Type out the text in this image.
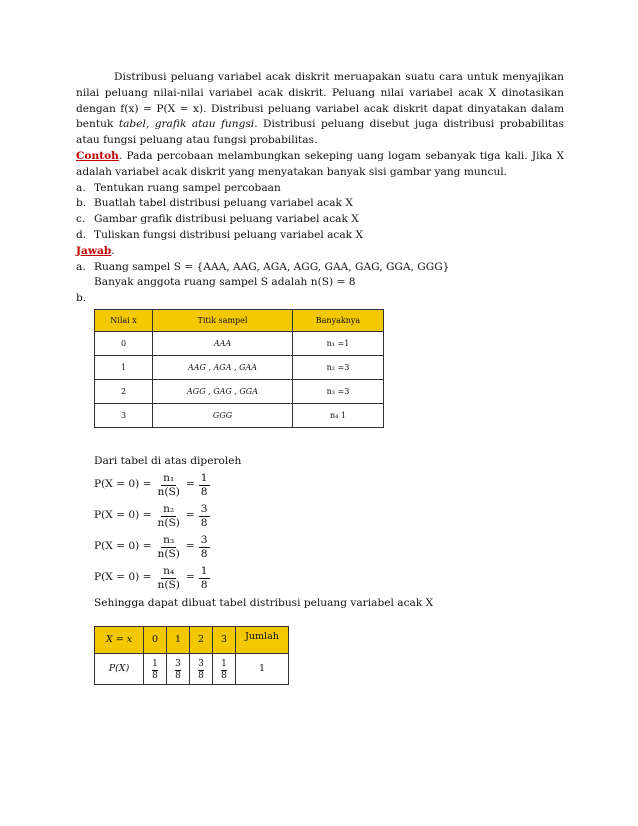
Distribusi peluang variabel acak diskrit meruapakan suatu cara untuk menyajikan nilai peluang nilai-nilai variabel acak diskrit. Peluang nilai variabel acak X dinotasikan dengan f(x) = P(X = x). Distribusi peluang variabel acak diskrit dapat dinyatakan dalam bentuk tabel, grafik atau fungsi. Distribusi peluang disebut juga distribusi probabilitas atau fungsi peluang atau fungsi probabilitas.
Contoh. Pada percobaan melambungkan sekeping uang logam sebanyak tiga kali. Jika X adalah variabel acak diskrit yang menyatakan banyak sisi gambar yang muncul.
a. Tentukan ruang sampel percobaan
b. Buatlah tabel distribusi peluang variabel acak X
c. Gambar grafik distribusi peluang variabel acak X
d. Tuliskan fungsi distribusi peluang variabel acak X
Jawab.
a. Ruang sampel S = {AAA, AAG, AGA, AGG, GAA, GAG, GGA, GGG}
Banyak anggota ruang sampel S adalah n(S) = 8
b.
Nilai x	Titik sampel	Banyaknya
0	AAA	n₁ =1
1	AAG , AGA , GAA	n₂ =3
2	AGG , GAG , GGA	n₃ =3
3	GGG	n₄ 1
Dari tabel di atas diperoleh
$P(X = 0) = \frac{\text{n₁}}{n(S)} = \frac{1}{8}$
$P(X = 0) = \frac{\text{n₂}}{n(S)} = \frac{3}{8}$
$P(X = 0) = \frac{\text{n₃}}{n(S)} = \frac{3}{8}$
$P(X = 0) = \frac{\text{n₄}}{n(S)} = \frac{1}{8}$
Sehingga dapat dibuat tabel distribusi peluang variabel acak X
X = x	0	1	2	3	Jumlah
P(X)	$\frac{1}{8}$	$\frac{3}{8}$	$\frac{3}{8}$	$\frac{1}{8}$	1
